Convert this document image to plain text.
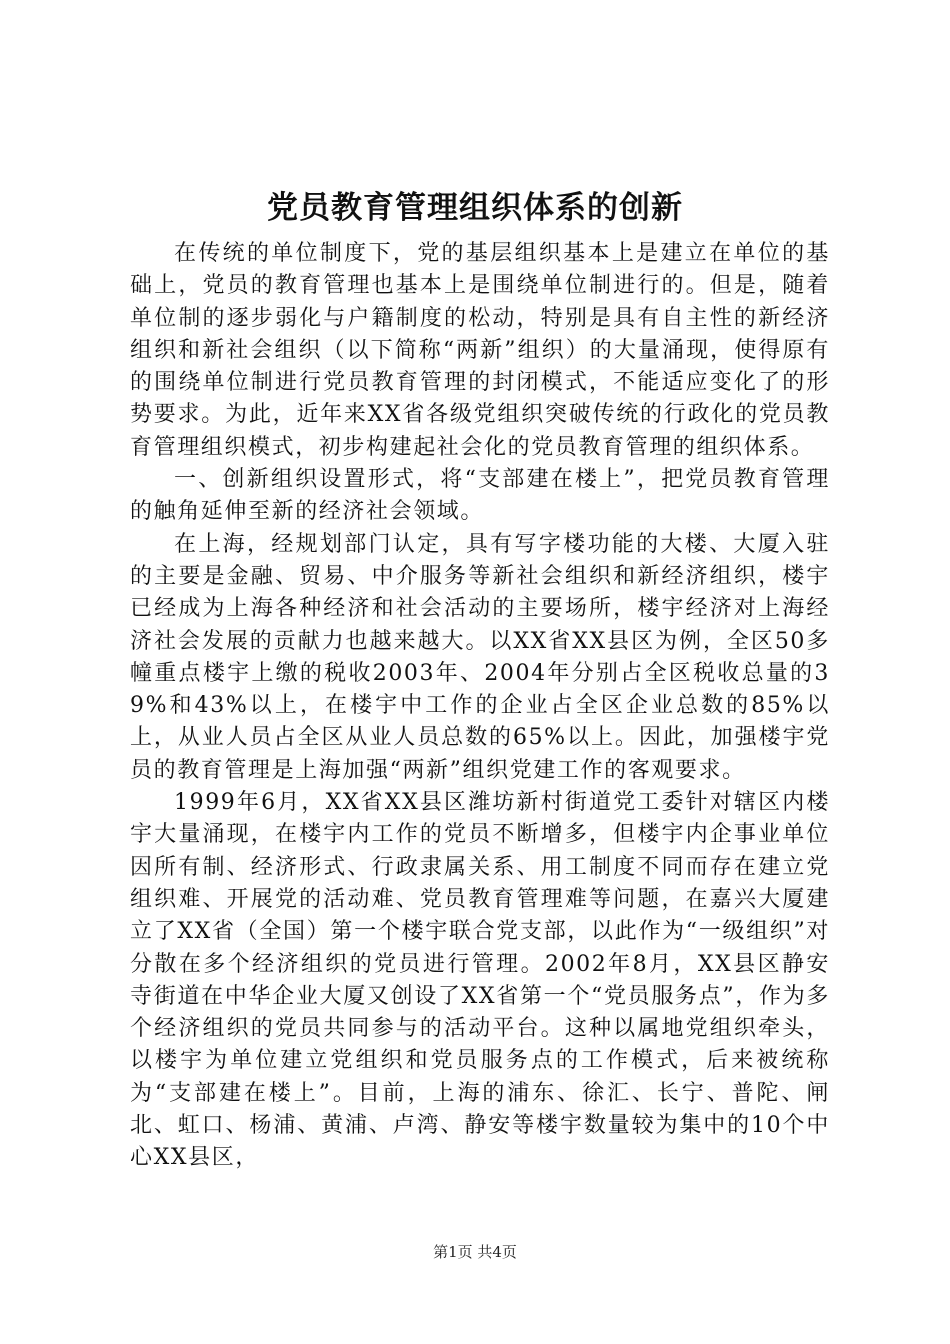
党员教育管理组织体系的创新

在传统的单位制度下，党的基层组织基本上是建立在单位的基础上，党员的教育管理也基本上是围绕单位制进行的。但是，随着单位制的逐步弱化与户籍制度的松动，特别是具有自主性的新经济组织和新社会组织（以下简称“两新”组织）的大量涌现，使得原有的围绕单位制进行党员教育管理的封闭模式，不能适应变化了的形势要求。为此，近年来XX省各级党组织突破传统的行政化的党员教育管理组织模式，初步构建起社会化的党员教育管理的组织体系。

一、创新组织设置形式，将“支部建在楼上”，把党员教育管理的触角延伸至新的经济社会领域。

在上海，经规划部门认定，具有写字楼功能的大楼、大厦入驻的主要是金融、贸易、中介服务等新社会组织和新经济组织，楼宇已经成为上海各种经济和社会活动的主要场所，楼宇经济对上海经济社会发展的贡献力也越来越大。以XX省XX县区为例，全区50多幢重点楼宇上缴的税收2003年、2004年分别占全区税收总量的39%和43%以上，在楼宇中工作的企业占全区企业总数的85%以上，从业人员占全区从业人员总数的65%以上。因此，加强楼宇党员的教育管理是上海加强“两新”组织党建工作的客观要求。

1999年6月，XX省XX县区潍坊新村街道党工委针对辖区内楼宇大量涌现，在楼宇内工作的党员不断增多，但楼宇内企事业单位因所有制、经济形式、行政隶属关系、用工制度不同而存在建立党组织难、开展党的活动难、党员教育管理难等问题，在嘉兴大厦建立了XX省（全国）第一个楼宇联合党支部，以此作为“一级组织”对分散在多个经济组织的党员进行管理。2002年8月，XX县区静安寺街道在中华企业大厦又创设了XX省第一个“党员服务点”，作为多个经济组织的党员共同参与的活动平台。这种以属地党组织牵头，以楼宇为单位建立党组织和党员服务点的工作模式，后来被统称为“支部建在楼上”。目前，上海的浦东、徐汇、长宁、普陀、闸北、虹口、杨浦、黄浦、卢湾、静安等楼宇数量较为集中的10个中心XX县区，

第1页 共4页
